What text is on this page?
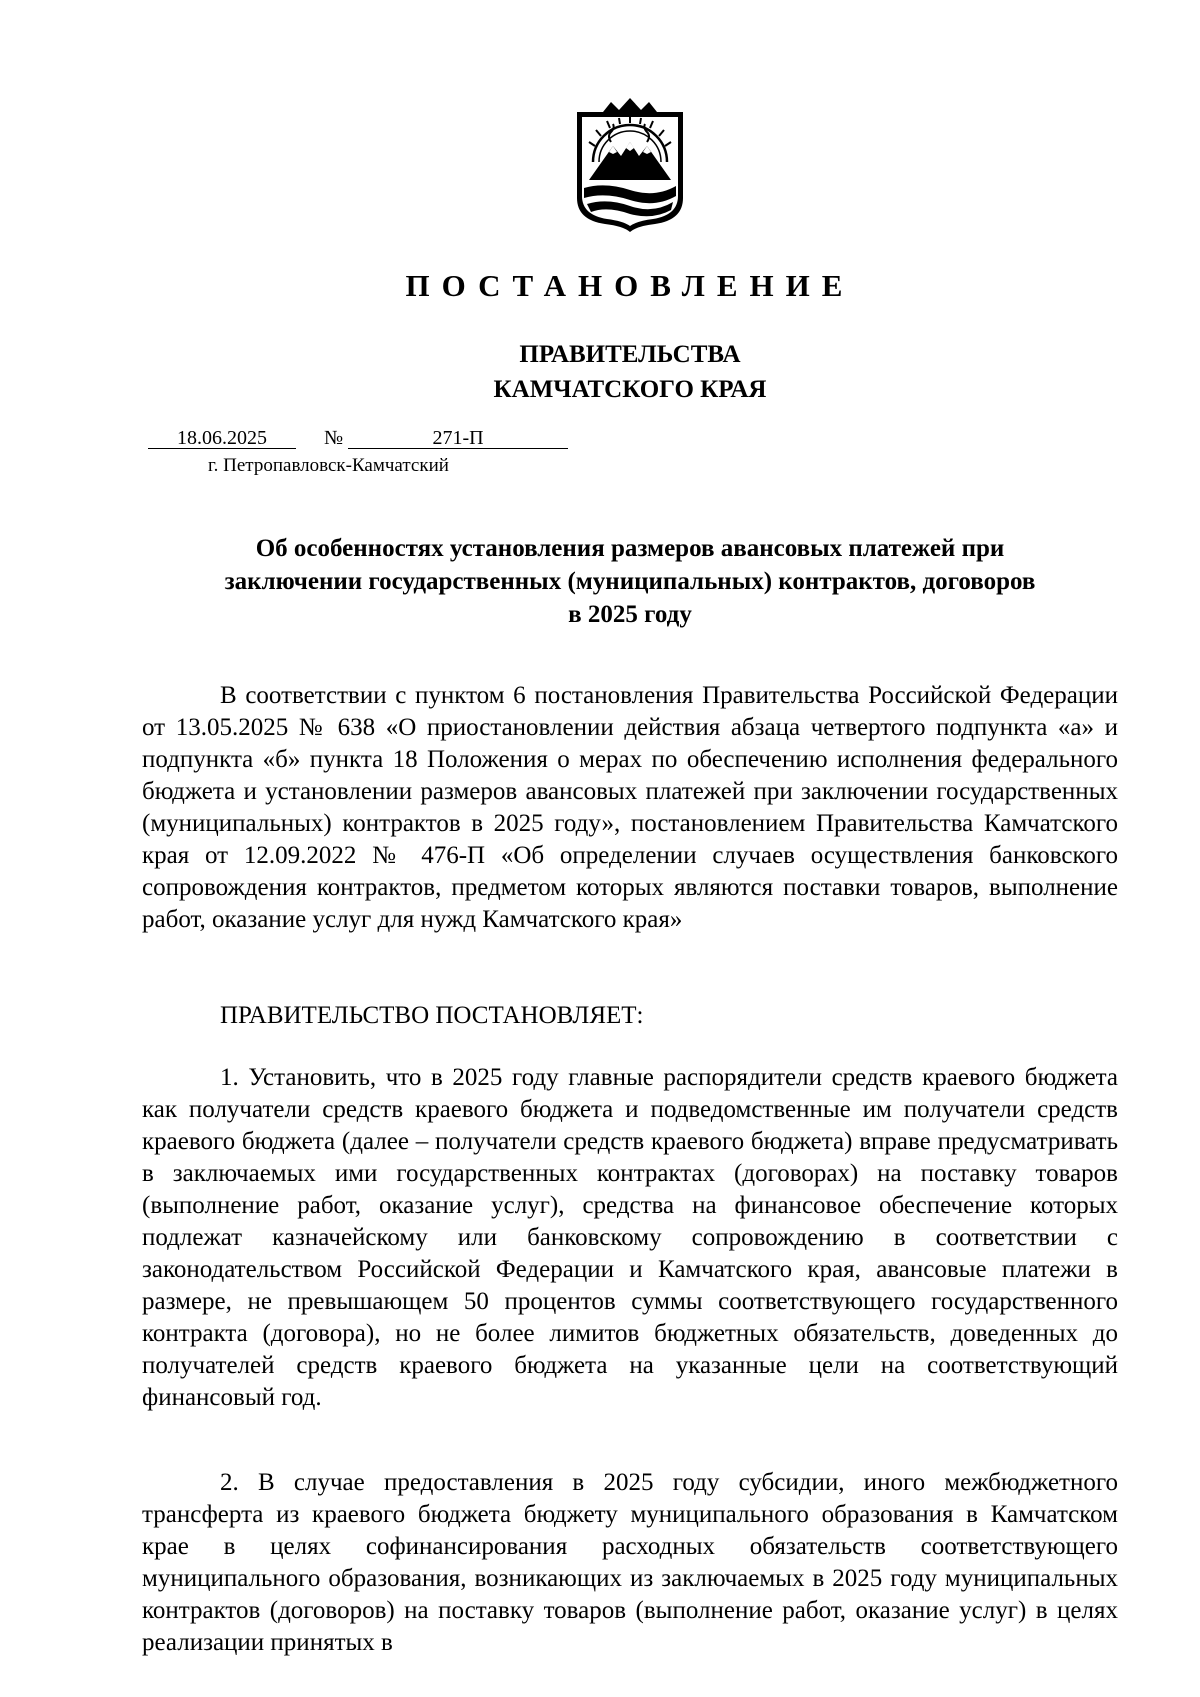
ПОСТАНОВЛЕНИЕ
ПРАВИТЕЛЬСТВА
КАМЧАТСКОГО КРАЯ
18.06.2025	№	271-П
г. Петропавловск-Камчатский
Об особенностях установления размеров авансовых платежей при
заключении государственных (муниципальных) контрактов, договоров
в 2025 году

В соответствии с пунктом 6 постановления Правительства Российской Федерации от 13.05.2025 № 638 «О приостановлении действия абзаца четвертого подпункта «а» и подпункта «б» пункта 18 Положения о мерах по обеспечению исполнения федерального бюджета и установлении размеров авансовых платежей при заключении государственных (муниципальных) контрактов в 2025 году», постановлением Правительства Камчатского края от 12.09.2022 № 476-П «Об определении случаев осуществления банковского сопровождения контрактов, предметом которых являются поставки товаров, выполнение работ, оказание услуг для нужд Камчатского края»

ПРАВИТЕЛЬСТВО ПОСТАНОВЛЯЕТ:

1. Установить, что в 2025 году главные распорядители средств краевого бюджета как получатели средств краевого бюджета и подведомственные им получатели средств краевого бюджета (далее – получатели средств краевого бюджета) вправе предусматривать в заключаемых ими государственных контрактах (договорах) на поставку товаров (выполнение работ, оказание услуг), средства на финансовое обеспечение которых подлежат казначейскому или банковскому сопровождению в соответствии с законодательством Российской Федерации и Камчатского края, авансовые платежи в размере, не превышающем 50 процентов суммы соответствующего государственного контракта (договора), но не более лимитов бюджетных обязательств, доведенных до получателей средств краевого бюджета на указанные цели на соответствующий финансовый год.

2. В случае предоставления в 2025 году субсидии, иного межбюджетного трансферта из краевого бюджета бюджету муниципального образования в Камчатском крае в целях софинансирования расходных обязательств соответствующего муниципального образования, возникающих из заключаемых в 2025 году муниципальных контрактов (договоров) на поставку товаров (выполнение работ, оказание услуг) в целях реализации принятых в
